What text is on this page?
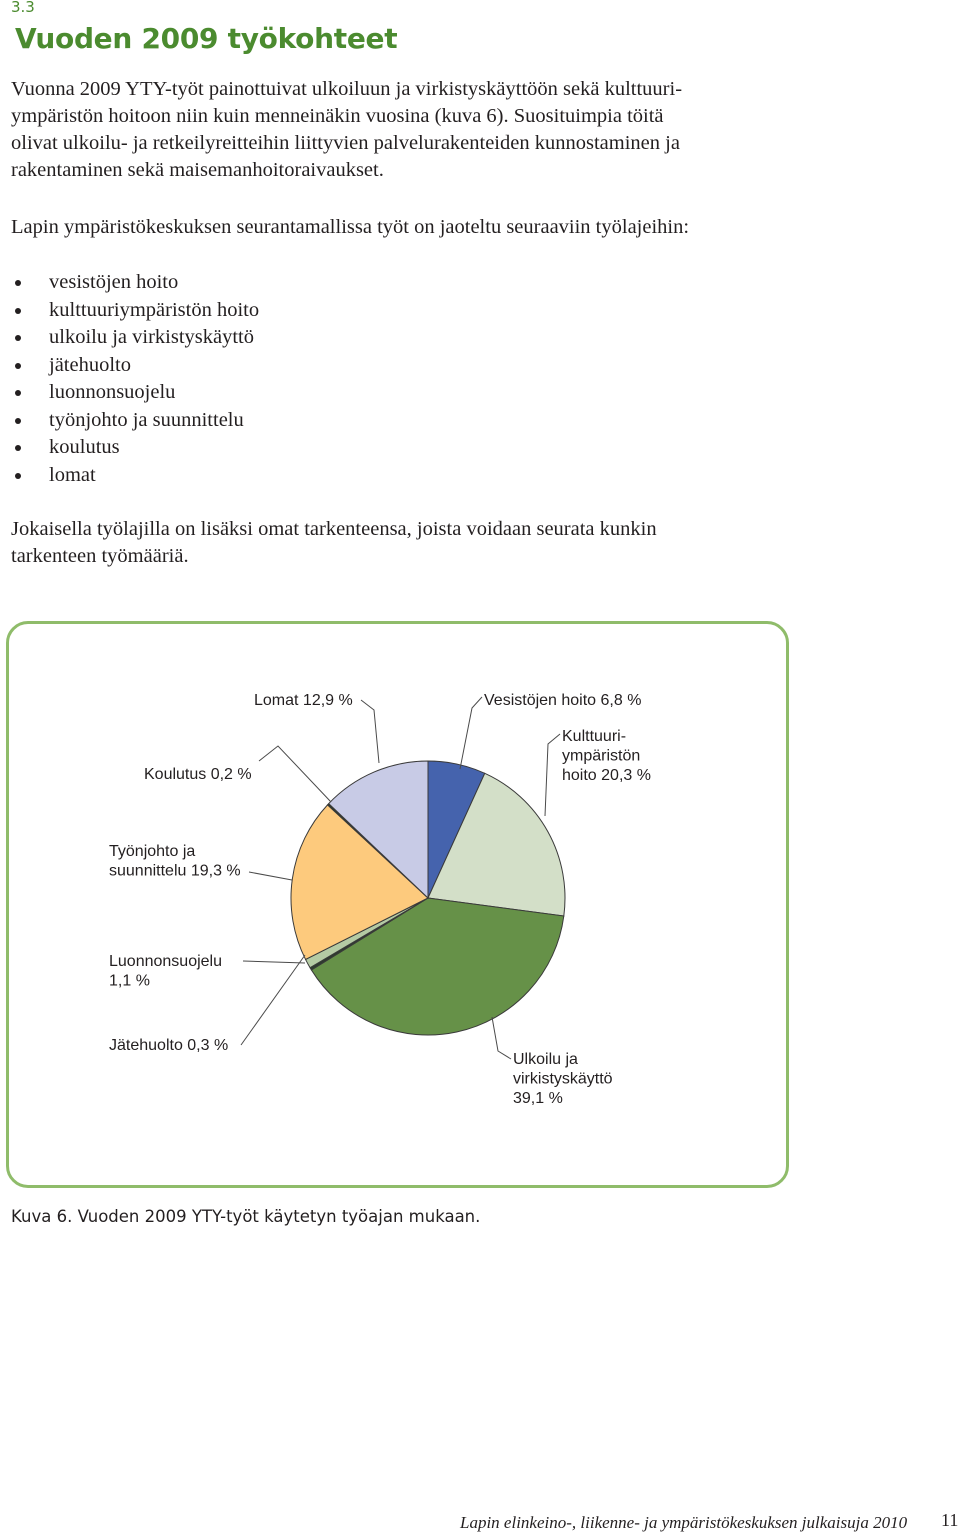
3.3
Vuoden 2009 työkohteet

Vuonna 2009 YTY-työt painottuivat ulkoiluun ja virkistyskäyttöön sekä kulttuuri-
ympäristön hoitoon niin kuin menneinäkin vuosina (kuva 6). Suosituimpia töitä
olivat ulkoilu- ja retkeilyreitteihin liittyvien palvelurakenteiden kunnostaminen ja
rakentaminen sekä maisemanhoitoraivaukset.

Lapin ympäristökeskuksen seurantamallissa työt on jaoteltu seuraaviin työlajeihin:

vesistöjen hoito
kulttuuriympäristön hoito
ulkoilu ja virkistyskäyttö
jätehuolto
luonnonsuojelu
työnjohto ja suunnittelu
koulutus
lomat

Jokaisella työlajilla on lisäksi omat tarkenteensa, joista voidaan seurata kunkin
tarkenteen työmääriä.

Vesistöjen hoito 6,8 %
Kulttuuri-ympäristön hoito 20,3 %
Ulkoilu ja virkistyskäyttö 39,1 %
Jätehuolto 0,3 %
Luonnonsuojelu 1,1 %
Työnjohto ja suunnittelu 19,3 %
Koulutus 0,2 %
Lomat 12,9 %

Kuva 6. Vuoden 2009 YTY-työt käytetyn työajan mukaan.

Lapin elinkeino-, liikenne- ja ympäristökeskuksen julkaisuja 2010 11
